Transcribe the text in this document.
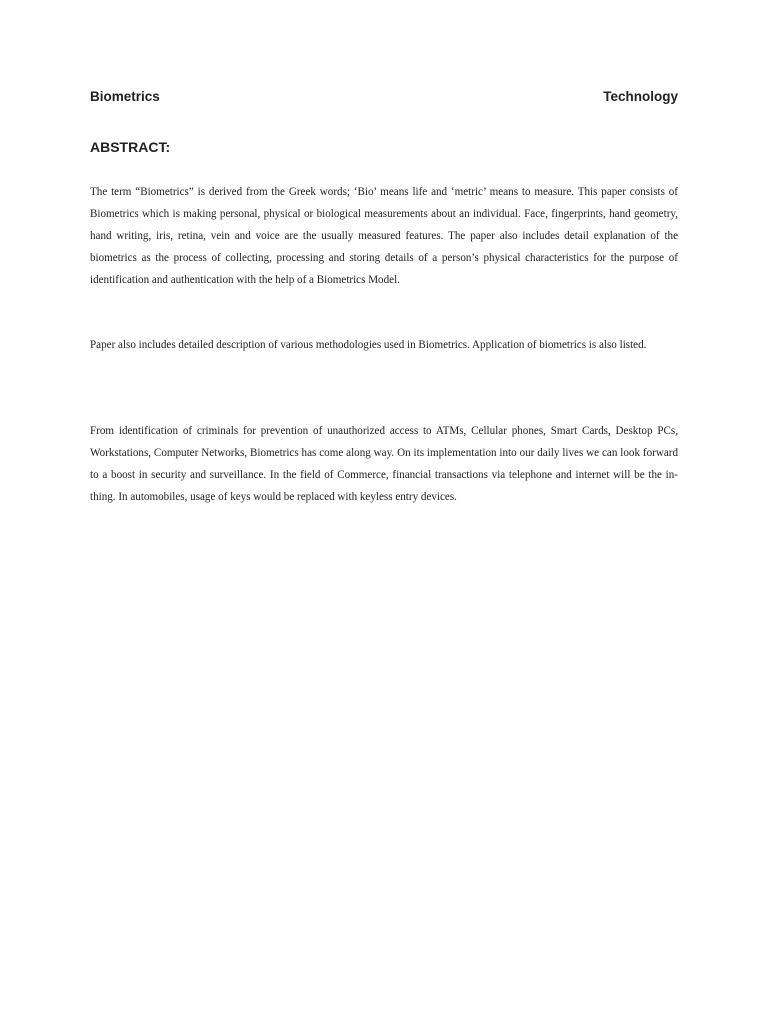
Biometrics	Technology
ABSTRACT:

The term “Biometrics” is derived from the Greek words; ‘Bio’ means life and ‘metric’ means to measure. This paper consists of Biometrics which is making personal, physical or biological measurements about an individual. Face, fingerprints, hand geometry, hand writing, iris, retina, vein and voice are the usually measured features. The paper also includes detail explanation of the biometrics as the process of collecting, processing and storing details of a person’s physical characteristics for the purpose of identification and authentication with the help of a Biometrics Model.

Paper also includes detailed description of various methodologies used in Biometrics. Application of biometrics is also listed.

From identification of criminals for prevention of unauthorized access to ATMs, Cellular phones, Smart Cards, Desktop PCs, Workstations, Computer Networks, Biometrics has come along way. On its implementation into our daily lives we can look forward to a boost in security and surveillance. In the field of Commerce, financial transactions via telephone and internet will be the in-thing. In automobiles, usage of keys would be replaced with keyless entry devices.
